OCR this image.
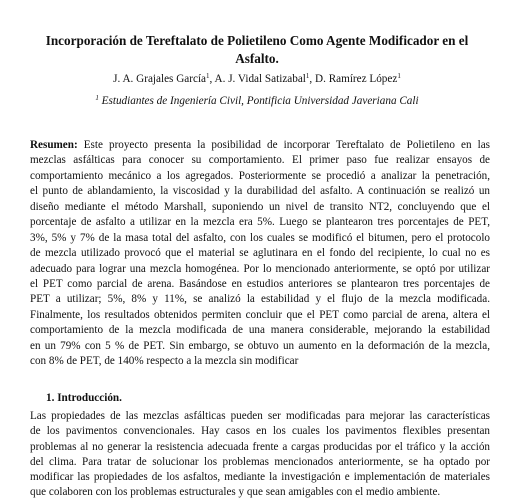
Incorporación de Tereftalato de Polietileno Como Agente Modificador en el
Asfalto.
J. A. Grajales García$^1$, A. J. Vidal Satizabal$^1$, D. Ramírez López$^1$
$^1$ Estudiantes de Ingeniería Civil, Pontificia Universidad Javeriana Cali
Resumen: Este proyecto presenta la posibilidad de incorporar Tereftalato de Polietileno en las
mezclas asfálticas para conocer su comportamiento. El primer paso fue realizar ensayos de
comportamiento mecánico a los agregados. Posteriormente se procedió a analizar la penetración,
el punto de ablandamiento, la viscosidad y la durabilidad del asfalto. A continuación se realizó un
diseño mediante el método Marshall, suponiendo un nivel de transito NT2, concluyendo que el
porcentaje de asfalto a utilizar en la mezcla era 5%. Luego se plantearon tres porcentajes de PET,
3%, 5% y 7% de la masa total del asfalto, con los cuales se modificó el bitumen, pero el protocolo
de mezcla utilizado provocó que el material se aglutinara en el fondo del recipiente, lo cual no es
adecuado para lograr una mezcla homogénea. Por lo mencionado anteriormente, se optó por utilizar
el PET como parcial de arena. Basándose en estudios anteriores se plantearon tres porcentajes de
PET a utilizar; 5%, 8% y 11%, se analizó la estabilidad y el flujo de la mezcla modificada.
Finalmente, los resultados obtenidos permiten concluir que el PET como parcial de arena, altera el
comportamiento de la mezcla modificada de una manera considerable, mejorando la estabilidad
en un 79% con 5 % de PET. Sin embargo, se obtuvo un aumento en la deformación de la mezcla,
con 8% de PET, de 140% respecto a la mezcla sin modificar
1. Introducción.
Las propiedades de las mezclas asfálticas pueden ser modificadas para mejorar las características
de los pavimentos convencionales. Hay casos en los cuales los pavimentos flexibles presentan
problemas al no generar la resistencia adecuada frente a cargas producidas por el tráfico y la acción
del clima. Para tratar de solucionar los problemas mencionados anteriormente, se ha optado por
modificar las propiedades de los asfaltos, mediante la investigación e implementación de materiales
que colaboren con los problemas estructurales y que sean amigables con el medio ambiente.
